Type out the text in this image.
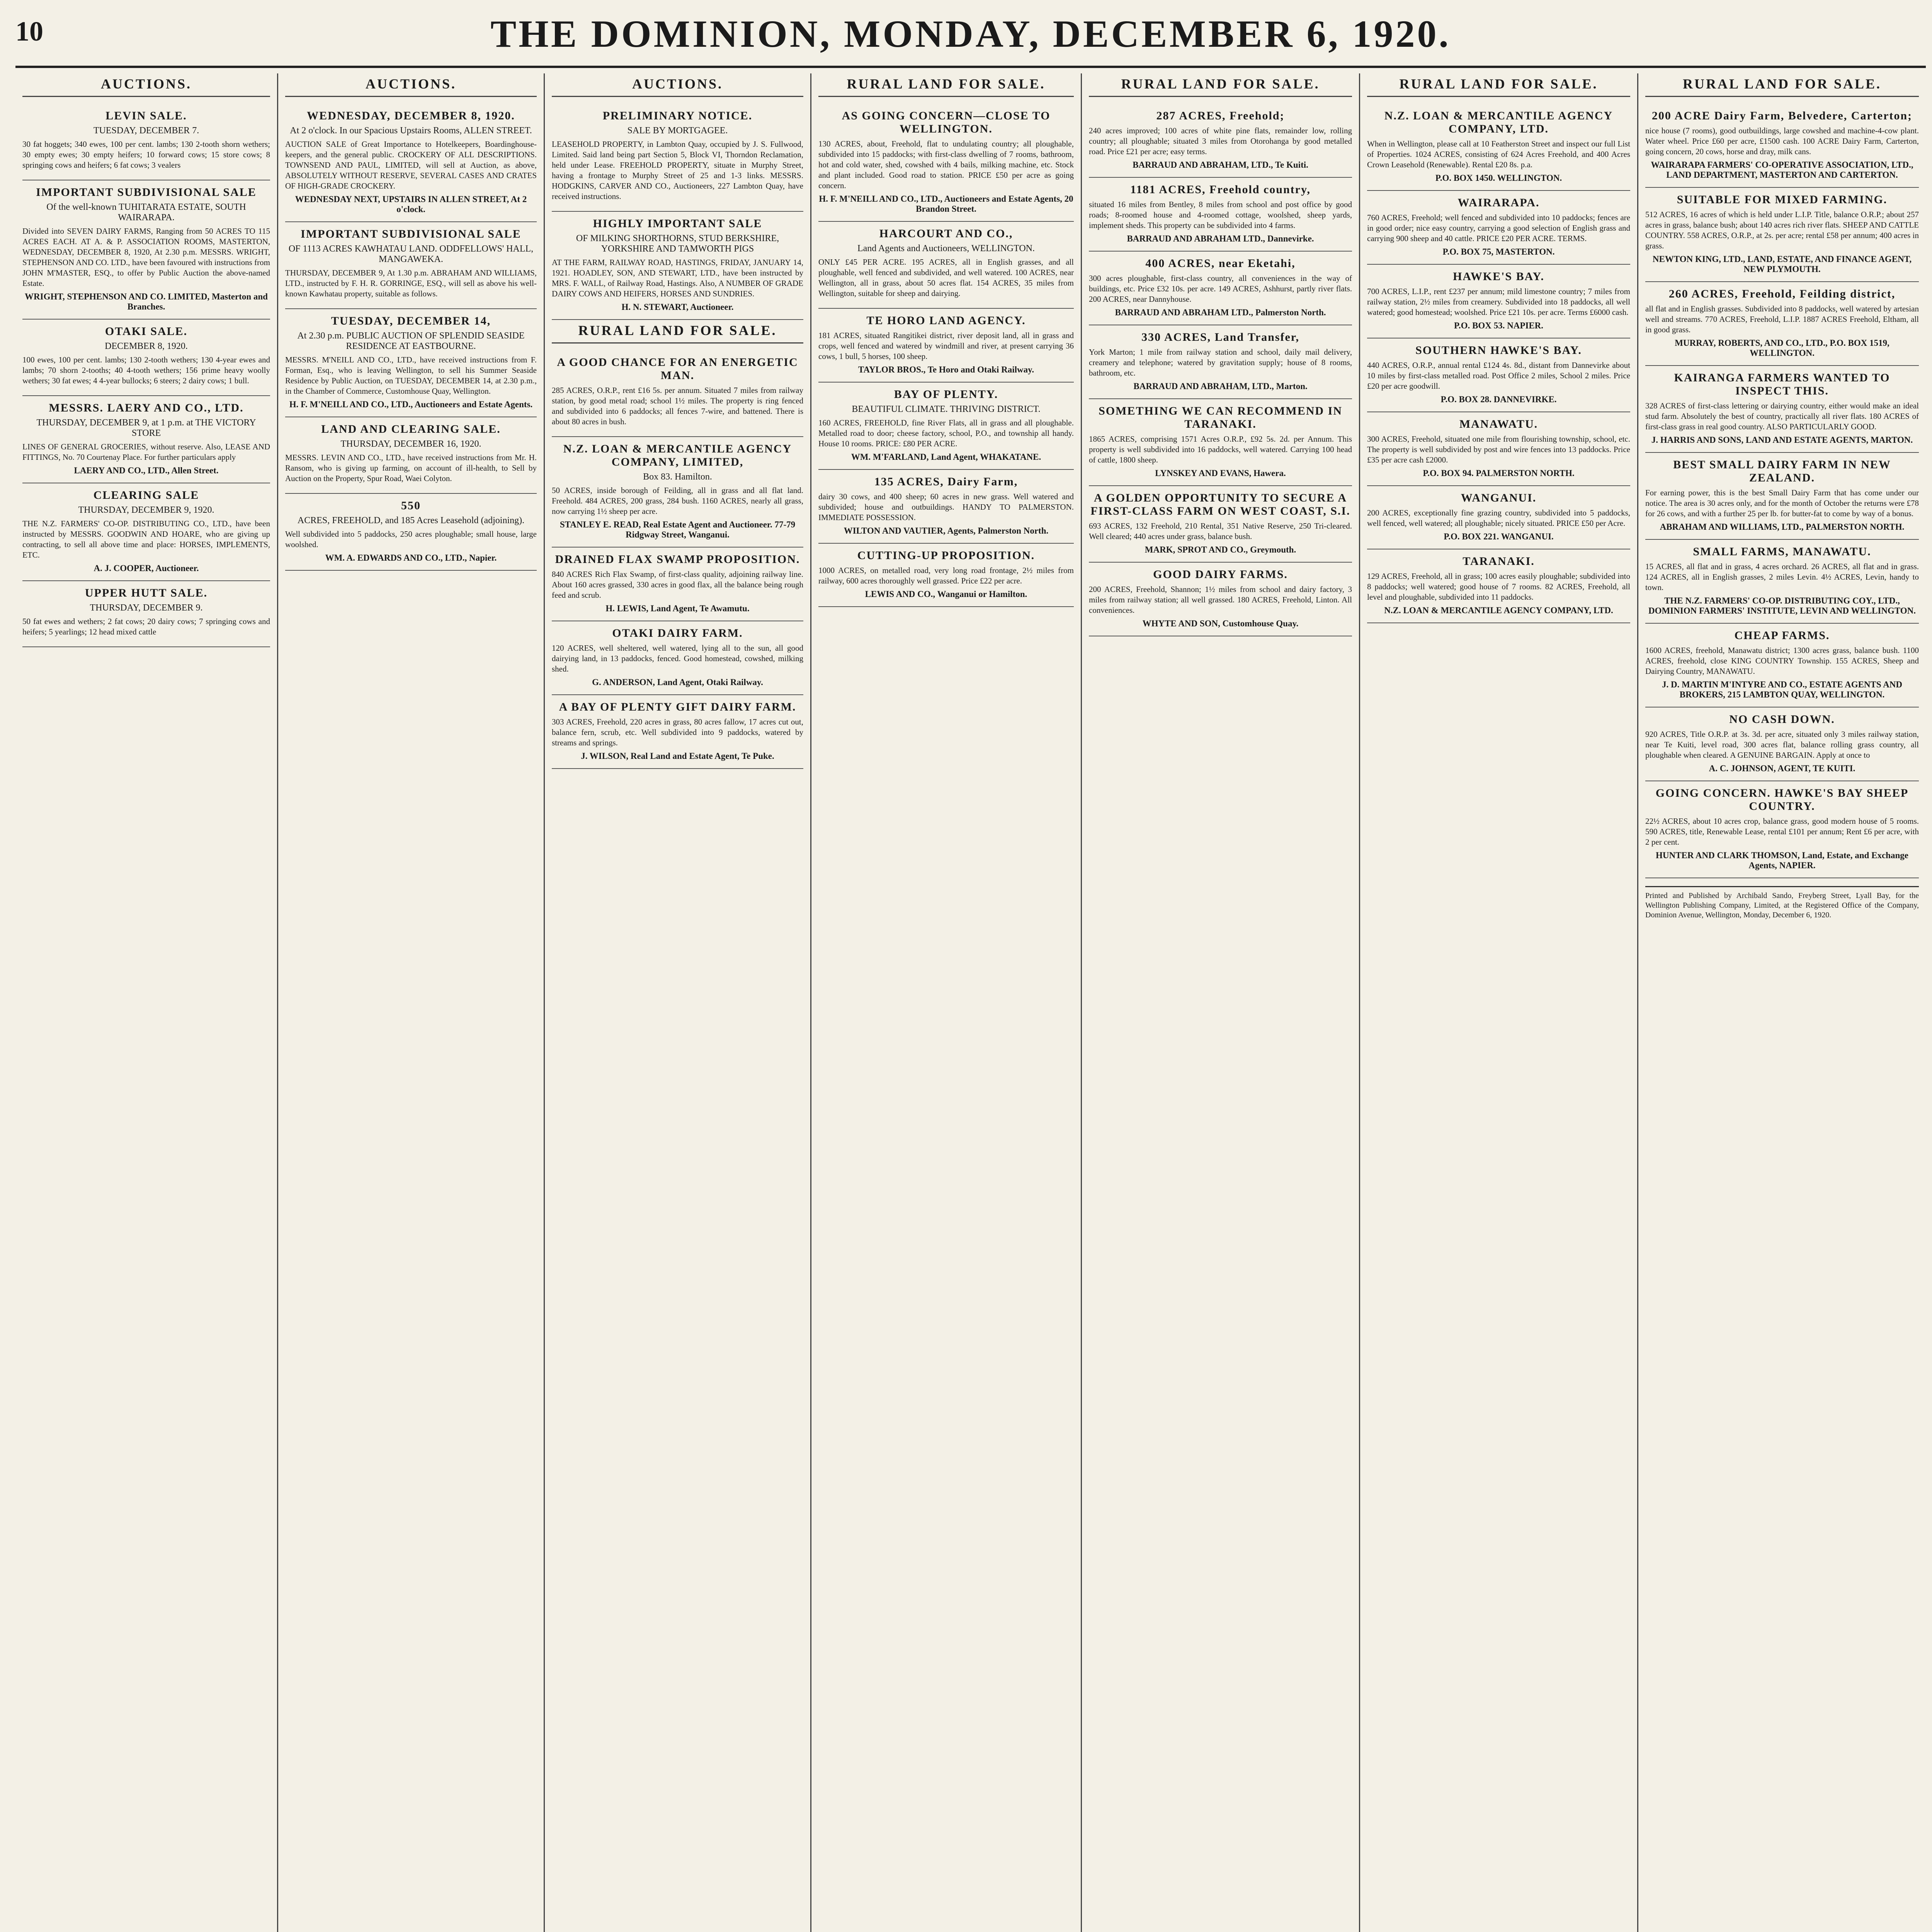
10	THE DOMINION, MONDAY, DECEMBER 6, 1920.
AUCTIONS.
LEVIN SALE.
TUESDAY, DECEMBER 7.

30 fat hoggets; 340 ewes, 100 per cent. lambs; 130 2-tooth shorn wethers; 30 empty ewes; 30 empty heifers; 10 forward cows; 15 store cows; 8 springing cows and heifers; 6 fat cows; 3 vealers

IMPORTANT SUBDIVISIONAL SALE
Of the well-known TUHITARATA ESTATE, SOUTH WAIRARAPA.

Divided into SEVEN DAIRY FARMS, Ranging from 50 ACRES TO 115 ACRES EACH. AT A. & P. ASSOCIATION ROOMS, MASTERTON, WEDNESDAY, DECEMBER 8, 1920, At 2.30 p.m. MESSRS. WRIGHT, STEPHENSON AND CO. LTD., have been favoured with instructions from JOHN M'MASTER, ESQ., to offer by Public Auction the above-named Estate.

WRIGHT, STEPHENSON AND CO. LIMITED, Masterton and Branches.
OTAKI SALE.
DECEMBER 8, 1920.

100 ewes, 100 per cent. lambs; 130 2-tooth wethers; 130 4-year ewes and lambs; 70 shorn 2-tooths; 40 4-tooth wethers; 156 prime heavy woolly wethers; 30 fat ewes; 4 4-year bullocks; 6 steers; 2 dairy cows; 1 bull.

MESSRS. LAERY AND CO., LTD.
THURSDAY, DECEMBER 9, at 1 p.m. at THE VICTORY STORE

LINES OF GENERAL GROCERIES, without reserve. Also, LEASE AND FITTINGS, No. 70 Courtenay Place. For further particulars apply

LAERY AND CO., LTD., Allen Street.
CLEARING SALE
THURSDAY, DECEMBER 9, 1920.

THE N.Z. FARMERS' CO-OP. DISTRIBUTING CO., LTD., have been instructed by MESSRS. GOODWIN AND HOARE, who are giving up contracting, to sell all above time and place: HORSES, IMPLEMENTS, ETC.

A. J. COOPER, Auctioneer.
UPPER HUTT SALE.
THURSDAY, DECEMBER 9.

50 fat ewes and wethers; 2 fat cows; 20 dairy cows; 7 springing cows and heifers; 5 yearlings; 12 head mixed cattle

AUCTIONS.
WEDNESDAY, DECEMBER 8, 1920.
At 2 o'clock. In our Spacious Upstairs Rooms, ALLEN STREET.

AUCTION SALE of Great Importance to Hotelkeepers, Boardinghouse-keepers, and the general public. CROCKERY OF ALL DESCRIPTIONS. TOWNSEND AND PAUL, LIMITED, will sell at Auction, as above, ABSOLUTELY WITHOUT RESERVE, SEVERAL CASES AND CRATES OF HIGH-GRADE CROCKERY.

WEDNESDAY NEXT, UPSTAIRS IN ALLEN STREET, At 2 o'clock.
IMPORTANT SUBDIVISIONAL SALE
OF 1113 ACRES KAWHATAU LAND. ODDFELLOWS' HALL, MANGAWEKA.

THURSDAY, DECEMBER 9, At 1.30 p.m. ABRAHAM AND WILLIAMS, LTD., instructed by F. H. R. GORRINGE, ESQ., will sell as above his well-known Kawhatau property, suitable as follows.

TUESDAY, DECEMBER 14,
At 2.30 p.m. PUBLIC AUCTION OF SPLENDID SEASIDE RESIDENCE AT EASTBOURNE.

MESSRS. M'NEILL AND CO., LTD., have received instructions from F. Forman, Esq., who is leaving Wellington, to sell his Summer Seaside Residence by Public Auction, on TUESDAY, DECEMBER 14, at 2.30 p.m., in the Chamber of Commerce, Customhouse Quay, Wellington.

H. F. M'NEILL AND CO., LTD., Auctioneers and Estate Agents.
LAND AND CLEARING SALE.
THURSDAY, DECEMBER 16, 1920.

MESSRS. LEVIN AND CO., LTD., have received instructions from Mr. H. Ransom, who is giving up farming, on account of ill-health, to Sell by Auction on the Property, Spur Road, Waei Colyton.

550
ACRES, FREEHOLD, and 185 Acres Leasehold (adjoining).

Well subdivided into 5 paddocks, 250 acres ploughable; small house, large woolshed.

WM. A. EDWARDS AND CO., LTD., Napier.
AUCTIONS.
PRELIMINARY NOTICE.
SALE BY MORTGAGEE.

LEASEHOLD PROPERTY, in Lambton Quay, occupied by J. S. Fullwood, Limited. Said land being part Section 5, Block VI, Thorndon Reclamation, held under Lease. FREEHOLD PROPERTY, situate in Murphy Street, having a frontage to Murphy Street of 25 and 1-3 links. MESSRS. HODGKINS, CARVER AND CO., Auctioneers, 227 Lambton Quay, have received instructions.

HIGHLY IMPORTANT SALE
OF MILKING SHORTHORNS, STUD BERKSHIRE, YORKSHIRE AND TAMWORTH PIGS

AT THE FARM, RAILWAY ROAD, HASTINGS, FRIDAY, JANUARY 14, 1921. HOADLEY, SON, AND STEWART, LTD., have been instructed by MRS. F. WALL, of Railway Road, Hastings. Also, A NUMBER OF GRADE DAIRY COWS AND HEIFERS, HORSES AND SUNDRIES.

H. N. STEWART, Auctioneer.
RURAL LAND FOR SALE.
A GOOD CHANCE FOR AN ENERGETIC MAN.

285 ACRES, O.R.P., rent £16 5s. per annum. Situated 7 miles from railway station, by good metal road; school 1½ miles. The property is ring fenced and subdivided into 6 paddocks; all fences 7-wire, and battened. There is about 80 acres in bush.

N.Z. LOAN & MERCANTILE AGENCY COMPANY, LIMITED,
Box 83. Hamilton.

50 ACRES, inside borough of Feilding, all in grass and all flat land. Freehold. 484 ACRES, 200 grass, 284 bush. 1160 ACRES, nearly all grass, now carrying 1½ sheep per acre.

STANLEY E. READ, Real Estate Agent and Auctioneer. 77-79 Ridgway Street, Wanganui.
DRAINED FLAX SWAMP PROPOSITION.

840 ACRES Rich Flax Swamp, of first-class quality, adjoining railway line. About 160 acres grassed, 330 acres in good flax, all the balance being rough feed and scrub.

H. LEWIS, Land Agent, Te Awamutu.
OTAKI DAIRY FARM.

120 ACRES, well sheltered, well watered, lying all to the sun, all good dairying land, in 13 paddocks, fenced. Good homestead, cowshed, milking shed.

G. ANDERSON, Land Agent, Otaki Railway.
A BAY OF PLENTY GIFT DAIRY FARM.

303 ACRES, Freehold, 220 acres in grass, 80 acres fallow, 17 acres cut out, balance fern, scrub, etc. Well subdivided into 9 paddocks, watered by streams and springs.

J. WILSON, Real Land and Estate Agent, Te Puke.
RURAL LAND FOR SALE.
AS GOING CONCERN—CLOSE TO WELLINGTON.

130 ACRES, about, Freehold, flat to undulating country; all ploughable, subdivided into 15 paddocks; with first-class dwelling of 7 rooms, bathroom, hot and cold water, shed, cowshed with 4 bails, milking machine, etc. Stock and plant included. Good road to station. PRICE £50 per acre as going concern.

H. F. M'NEILL AND CO., LTD., Auctioneers and Estate Agents, 20 Brandon Street.
HARCOURT AND CO.,
Land Agents and Auctioneers, WELLINGTON.

ONLY £45 PER ACRE. 195 ACRES, all in English grasses, and all ploughable, well fenced and subdivided, and well watered. 100 ACRES, near Wellington, all in grass, about 50 acres flat. 154 ACRES, 35 miles from Wellington, suitable for sheep and dairying.

TE HORO LAND AGENCY.

181 ACRES, situated Rangitikei district, river deposit land, all in grass and crops, well fenced and watered by windmill and river, at present carrying 36 cows, 1 bull, 5 horses, 100 sheep.

TAYLOR BROS., Te Horo and Otaki Railway.
BAY OF PLENTY.
BEAUTIFUL CLIMATE. THRIVING DISTRICT.

160 ACRES, FREEHOLD, fine River Flats, all in grass and all ploughable. Metalled road to door; cheese factory, school, P.O., and township all handy. House 10 rooms. PRICE: £80 PER ACRE.

WM. M'FARLAND, Land Agent, WHAKATANE.
135 ACRES, Dairy Farm,

dairy 30 cows, and 400 sheep; 60 acres in new grass. Well watered and subdivided; house and outbuildings. HANDY TO PALMERSTON. IMMEDIATE POSSESSION.

WILTON AND VAUTIER, Agents, Palmerston North.
CUTTING-UP PROPOSITION.

1000 ACRES, on metalled road, very long road frontage, 2½ miles from railway, 600 acres thoroughly well grassed. Price £22 per acre.

LEWIS AND CO., Wanganui or Hamilton.
RURAL LAND FOR SALE.
287 ACRES, Freehold;

240 acres improved; 100 acres of white pine flats, remainder low, rolling country; all ploughable; situated 3 miles from Otorohanga by good metalled road. Price £21 per acre; easy terms.

BARRAUD AND ABRAHAM, LTD., Te Kuiti.
1181 ACRES, Freehold country,

situated 16 miles from Bentley, 8 miles from school and post office by good roads; 8-roomed house and 4-roomed cottage, woolshed, sheep yards, implement sheds. This property can be subdivided into 4 farms.

BARRAUD AND ABRAHAM LTD., Dannevirke.
400 ACRES, near Eketahi,

300 acres ploughable, first-class country, all conveniences in the way of buildings, etc. Price £32 10s. per acre. 149 ACRES, Ashhurst, partly river flats. 200 ACRES, near Dannyhouse.

BARRAUD AND ABRAHAM LTD., Palmerston North.
330 ACRES, Land Transfer,

York Marton; 1 mile from railway station and school, daily mail delivery, creamery and telephone; watered by gravitation supply; house of 8 rooms, bathroom, etc.

BARRAUD AND ABRAHAM, LTD., Marton.
SOMETHING WE CAN RECOMMEND IN TARANAKI.

1865 ACRES, comprising 1571 Acres O.R.P., £92 5s. 2d. per Annum. This property is well subdivided into 16 paddocks, well watered. Carrying 100 head of cattle, 1800 sheep.

LYNSKEY AND EVANS, Hawera.
A GOLDEN OPPORTUNITY TO SECURE A FIRST-CLASS FARM ON WEST COAST, S.I.

693 ACRES, 132 Freehold, 210 Rental, 351 Native Reserve, 250 Tri-cleared. Well cleared; 440 acres under grass, balance bush.

MARK, SPROT AND CO., Greymouth.
GOOD DAIRY FARMS.

200 ACRES, Freehold, Shannon; 1½ miles from school and dairy factory, 3 miles from railway station; all well grassed. 180 ACRES, Freehold, Linton. All conveniences.

WHYTE AND SON, Customhouse Quay.
RURAL LAND FOR SALE.
N.Z. LOAN & MERCANTILE AGENCY COMPANY, LTD.

When in Wellington, please call at 10 Featherston Street and inspect our full List of Properties. 1024 ACRES, consisting of 624 Acres Freehold, and 400 Acres Crown Leasehold (Renewable). Rental £20 8s. p.a.

P.O. BOX 1450. WELLINGTON.
WAIRARAPA.

760 ACRES, Freehold; well fenced and subdivided into 10 paddocks; fences are in good order; nice easy country, carrying a good selection of English grass and carrying 900 sheep and 40 cattle. PRICE £20 PER ACRE. TERMS.

P.O. BOX 75, MASTERTON.
HAWKE'S BAY.

700 ACRES, L.I.P., rent £237 per annum; mild limestone country; 7 miles from railway station, 2½ miles from creamery. Subdivided into 18 paddocks, all well watered; good homestead; woolshed. Price £21 10s. per acre. Terms £6000 cash.

P.O. BOX 53. NAPIER.
SOUTHERN HAWKE'S BAY.

440 ACRES, O.R.P., annual rental £124 4s. 8d., distant from Dannevirke about 10 miles by first-class metalled road. Post Office 2 miles, School 2 miles. Price £20 per acre goodwill.

P.O. BOX 28. DANNEVIRKE.
MANAWATU.

300 ACRES, Freehold, situated one mile from flourishing township, school, etc. The property is well subdivided by post and wire fences into 13 paddocks. Price £35 per acre cash £2000.

P.O. BOX 94. PALMERSTON NORTH.
WANGANUI.

200 ACRES, exceptionally fine grazing country, subdivided into 5 paddocks, well fenced, well watered; all ploughable; nicely situated. PRICE £50 per Acre.

P.O. BOX 221. WANGANUI.
TARANAKI.

129 ACRES, Freehold, all in grass; 100 acres easily ploughable; subdivided into 8 paddocks; well watered; good house of 7 rooms. 82 ACRES, Freehold, all level and ploughable, subdivided into 11 paddocks.

N.Z. LOAN & MERCANTILE AGENCY COMPANY, LTD.
RURAL LAND FOR SALE.
200 ACRE Dairy Farm, Belvedere, Carterton;

nice house (7 rooms), good outbuildings, large cowshed and machine-4-cow plant. Water wheel. Price £60 per acre, £1500 cash. 100 ACRE Dairy Farm, Carterton, going concern, 20 cows, horse and dray, milk cans.

WAIRARAPA FARMERS' CO-OPERATIVE ASSOCIATION, LTD., LAND DEPARTMENT, MASTERTON AND CARTERTON.
SUITABLE FOR MIXED FARMING.

512 ACRES, 16 acres of which is held under L.I.P. Title, balance O.R.P.; about 257 acres in grass, balance bush; about 140 acres rich river flats. SHEEP AND CATTLE COUNTRY. 558 ACRES, O.R.P., at 2s. per acre; rental £58 per annum; 400 acres in grass.

NEWTON KING, LTD., LAND, ESTATE, AND FINANCE AGENT, NEW PLYMOUTH.
260 ACRES, Freehold, Feilding district,

all flat and in English grasses. Subdivided into 8 paddocks, well watered by artesian well and streams. 770 ACRES, Freehold, L.I.P. 1887 ACRES Freehold, Eltham, all in good grass.

MURRAY, ROBERTS, AND CO., LTD., P.O. BOX 1519, WELLINGTON.
KAIRANGA FARMERS WANTED TO INSPECT THIS.

328 ACRES of first-class lettering or dairying country, either would make an ideal stud farm. Absolutely the best of country, practically all river flats. 180 ACRES of first-class grass in real good country. ALSO PARTICULARLY GOOD.

J. HARRIS AND SONS, LAND AND ESTATE AGENTS, MARTON.
BEST SMALL DAIRY FARM IN NEW ZEALAND.

For earning power, this is the best Small Dairy Farm that has come under our notice. The area is 30 acres only, and for the month of October the returns were £78 for 26 cows, and with a further 25 per lb. for butter-fat to come by way of a bonus.

ABRAHAM AND WILLIAMS, LTD., PALMERSTON NORTH.
SMALL FARMS, MANAWATU.

15 ACRES, all flat and in grass, 4 acres orchard. 26 ACRES, all flat and in grass. 124 ACRES, all in English grasses, 2 miles Levin. 4½ ACRES, Levin, handy to town.

THE N.Z. FARMERS' CO-OP. DISTRIBUTING COY., LTD., DOMINION FARMERS' INSTITUTE, LEVIN AND WELLINGTON.
CHEAP FARMS.

1600 ACRES, freehold, Manawatu district; 1300 acres grass, balance bush. 1100 ACRES, freehold, close KING COUNTRY Township. 155 ACRES, Sheep and Dairying Country, MANAWATU.

J. D. MARTIN M'INTYRE AND CO., ESTATE AGENTS AND BROKERS, 215 LAMBTON QUAY, WELLINGTON.
NO CASH DOWN.

920 ACRES, Title O.R.P. at 3s. 3d. per acre, situated only 3 miles railway station, near Te Kuiti, level road, 300 acres flat, balance rolling grass country, all ploughable when cleared. A GENUINE BARGAIN. Apply at once to

A. C. JOHNSON, AGENT, TE KUITI.
GOING CONCERN. HAWKE'S BAY SHEEP COUNTRY.

22½ ACRES, about 10 acres crop, balance grass, good modern house of 5 rooms. 590 ACRES, title, Renewable Lease, rental £101 per annum; Rent £6 per acre, with 2 per cent.

HUNTER AND CLARK THOMSON, Land, Estate, and Exchange Agents, NAPIER.
Printed and Published by Archibald Sando, Freyberg Street, Lyall Bay, for the Wellington Publishing Company, Limited, at the Registered Office of the Company, Dominion Avenue, Wellington, Monday, December 6, 1920.
